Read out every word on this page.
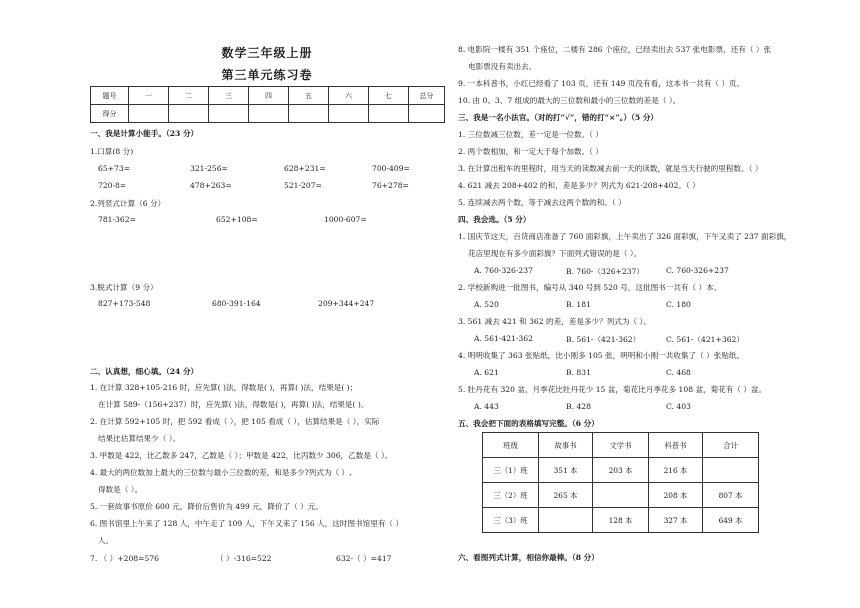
数学三年级上册
第三单元练习卷
题号	一	二	三	四	五	六	七	总分
得分								
一、我是计算小能手。（23 分）
1.口算(8 分)
65+73=	321-256=	628+231=	700-409=
720-8=	478+263=	521-207=	76+278=
2.列竖式计算（6 分）
781-362=	652+108=	1000-607=
3.脱式计算（9 分）
827+173-548	680-391-164	209+344+247
二、认真想，细心填。（24 分）
1. 在计算 328+105-216 时，应先算( )法，得数是( )，再算( )法，结果是( )；
在计算 589-（156+237）时，应先算( )法，得数是( )，再算( )法，结果是( )。
2. 在计算 592+105 时，把 592 看成（ ），把 105 看成（ ），估算结果是（ ），实际
结果比估算结果少（ ）。
3. 甲数是 422，比乙数多 247，乙数是（ ）；甲数是 422，比丙数少 306，乙数是（ ）。
4. 最大的两位数加上最大的三位数与最小三位数的差，和是多少?列式为（ ）,
得数是（ ）。
5. 一套故事书原价 600 元，降价后售价为 499 元，降价了（ ）元。
6. 图书馆里上午来了 128 人，中午走了 109 人，下午又来了 156 人，这时图书馆里有（ ）
人。
7. （ ）+208=576	（ ）-316=522	632-（ ）=417
8. 电影院一楼有 351 个座位，二楼有 286 个座位，已经卖出去 537 张电影票，还有（ ）张
电影票没有卖出去。
9. 一本科普书，小红已经看了 103 页，还有 149 页没有看，这本书一共有（ ）页。
10. 由 0、3、7 组成的最大的三位数和最小的三位数的差是（ ）。
三、我是一名小法官。（对的打“√”，错的打“×”。）（5 分）
1. 三位数减三位数，差一定是一位数。（ ）
2. 两个数相加，和一定大于每个加数。（ ）
3. 在计算出租车的里程时，用当天的读数减去前一天的读数，就是当天行驶的里程数。（ ）
4. 621 减去 208+402 的和，差是多少？列式为 621-208+402。（ ）
5. 连续减去两个数，等于减去这两个数的和。（ ）
四、我会选。（5 分）
1. 国庆节这天，百货商店准备了 760 面彩旗，上午卖出了 326 面彩旗，下午又卖了 237 面彩旗，
花店里现在有多少面彩旗？下面列式错误的是（ ）。
A. 760-326-237	B. 760-（326+237）	C. 760-326+237
2. 学校新购进一批图书，编号从 340 号到 520 号，这批图书一共有（ ）本。
A. 520	B. 181	C. 180
3. 561 减去 421 和 362 的差，差是多少？列式为（ ）。
A. 561-421-362	B. 561-（421-362）	C. 561-（421+362）
4. 明明收集了 363 张贴纸，比小刚多 105 张，明明和小刚一共收集了（ ）张贴纸。
A. 621	B. 831	C. 468
5. 牡丹花有 320 盆，月季花比牡丹花少 15 盆，菊花比月季花多 108 盆，菊花有（ ）盆。
A. 443	B. 428	C. 403
五、我会把下面的表格填写完整。（6 分）
班级	故事书	文学书	科普书	合计
三（1）班	351 本	203 本	216 本	
三（2）班	265 本		208 本	807 本
三（3）班		128 本	327 本	649 本
六、看图列式计算，相信你最棒。（8 分）
